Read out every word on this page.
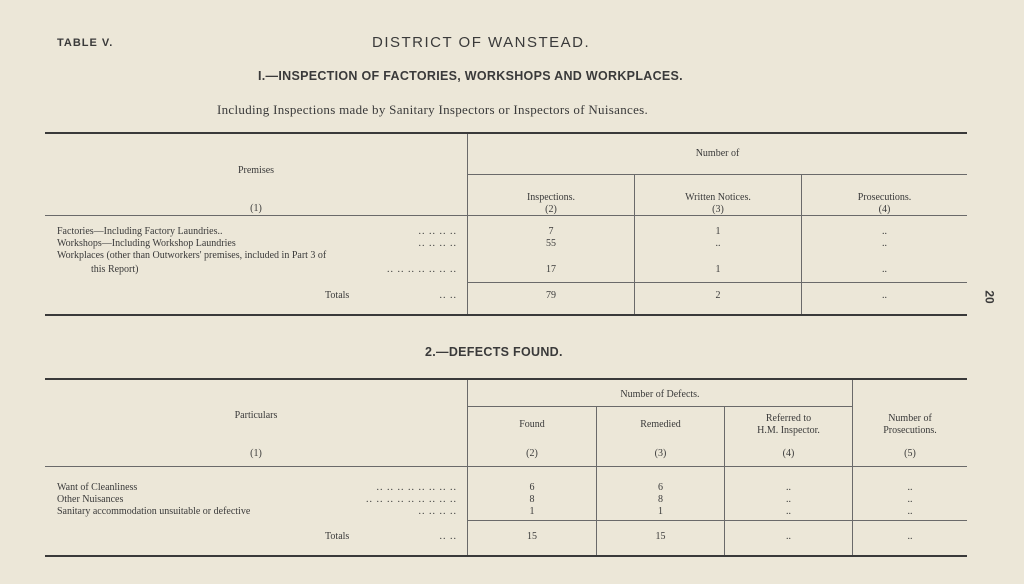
TABLE V.	DISTRICT OF WANSTEAD.
20
I.—INSPECTION OF FACTORIES, WORKSHOPS AND WORKPLACES.
Including Inspections made by Sanitary Inspectors or Inspectors of Nuisances.
Premises
(1)
Number of
Inspections.
(2)
Written Notices.
(3)
Prosecutions.
(4)
Factories—Including Factory Laundries..	.. .. .. ..	7	1	..
Workshops—Including Workshop Laundries	.. .. .. ..	55	..	..
Workplaces (other than Outworkers' premises, included in Part 3 of
this Report)	.. .. .. .. .. .. ..	17	1	..
Totals	.. ..	79	2	..
2.—DEFECTS FOUND.
Particulars
(1)
Number of Defects.
Found
(2)
Remedied
(3)
Referred to
H.M. Inspector.
(4)
Number of
Prosecutions.
(5)
Want of Cleanliness	.. .. .. .. .. .. .. ..	6	6	..	..
Other Nuisances	.. .. .. .. .. .. .. .. ..	8	8	..	..
Sanitary accommodation unsuitable or defective	.. .. .. ..	1	1	..	..
Totals	.. ..	15	15	..	..
